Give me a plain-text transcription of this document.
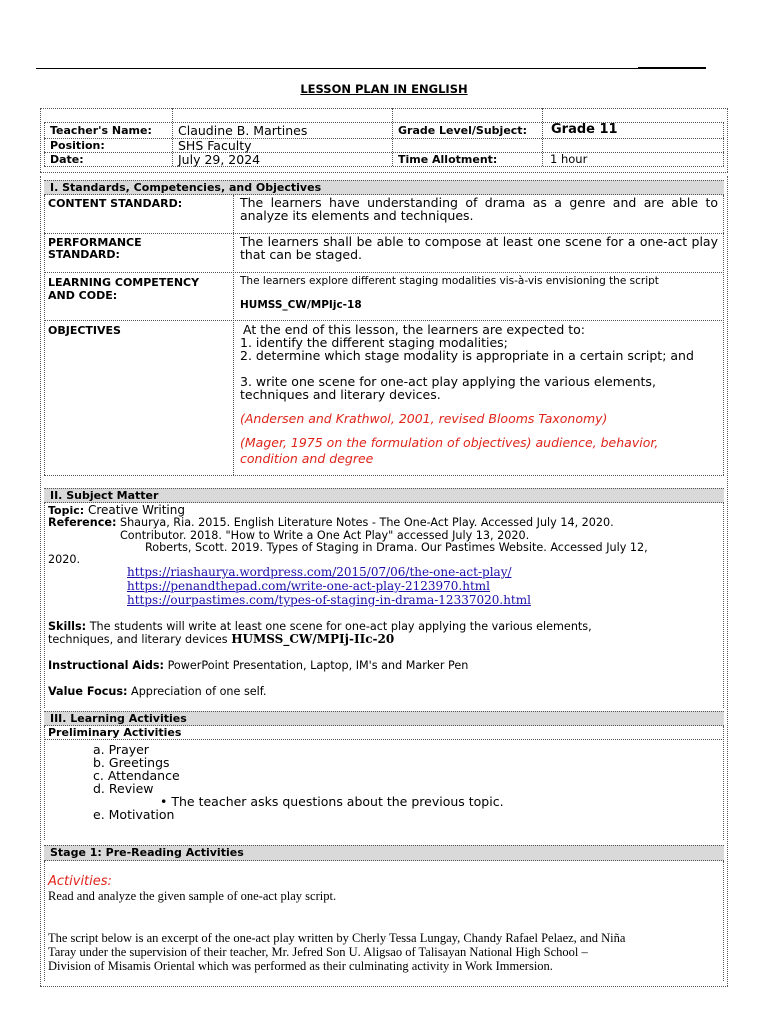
LESSON PLAN IN ENGLISH
Teacher's Name: Claudine B. Martines
Position:	SHS Faculty
Date:	July 29, 2024
Grade Level/Subject: Grade 11
Time Allotment:	1 hour
I. Standards, Competencies, and Objectives
CONTENT STANDARD:	The learners have understanding of drama as a genre and are able to analyze its elements and techniques.
PERFORMANCE
STANDARD:
The learners shall be able to compose at least one scene for a one-act play that can be staged.
LEARNING COMPETENCY
AND CODE:
The learners explore different staging modalities vis-à-vis envisioning the script
HUMSS_CW/MPIjc-18
OBJECTIVES	At the end of this lesson, the learners are expected to:
1. identify the different staging modalities;
2. determine which stage modality is appropriate in a certain script; and
3. write one scene for one-act play applying the various elements, techniques and literary devices.
(Andersen and Krathwol, 2001, revised Blooms Taxonomy)
(Mager, 1975 on the formulation of objectives) audience, behavior, condition and degree
II. Subject Matter
Topic: Creative Writing
Reference: Shaurya, Ria. 2015. English Literature Notes - The One-Act Play. Accessed July 14, 2020.
Contributor. 2018. "How to Write a One Act Play" accessed July 13, 2020.
Roberts, Scott. 2019. Types of Staging in Drama. Our Pastimes Website. Accessed July 12,
2020.
https://riashaurya.wordpress.com/2015/07/06/the-one-act-play/
https://penandthepad.com/write-one-act-play-2123970.html
https://ourpastimes.com/types-of-staging-in-drama-12337020.html
Skills: The students will write at least one scene for one-act play applying the various elements,
techniques, and literary devices HUMSS_CW/MPIj-IIc-20
Instructional Aids: PowerPoint Presentation, Laptop, IM's and Marker Pen
Value Focus: Appreciation of one self.
III. Learning Activities
Preliminary Activities
a. Prayer
b. Greetings
c. Attendance
d. Review
• The teacher asks questions about the previous topic.
e. Motivation
Stage 1: Pre-Reading Activities
Activities:
Read and analyze the given sample of one-act play script.
The script below is an excerpt of the one-act play written by Cherly Tessa Lungay, Chandy Rafael Pelaez, and Niña
Taray under the supervision of their teacher, Mr. Jefred Son U. Aligsao of Talisayan National High School –
Division of Misamis Oriental which was performed as their culminating activity in Work Immersion.
